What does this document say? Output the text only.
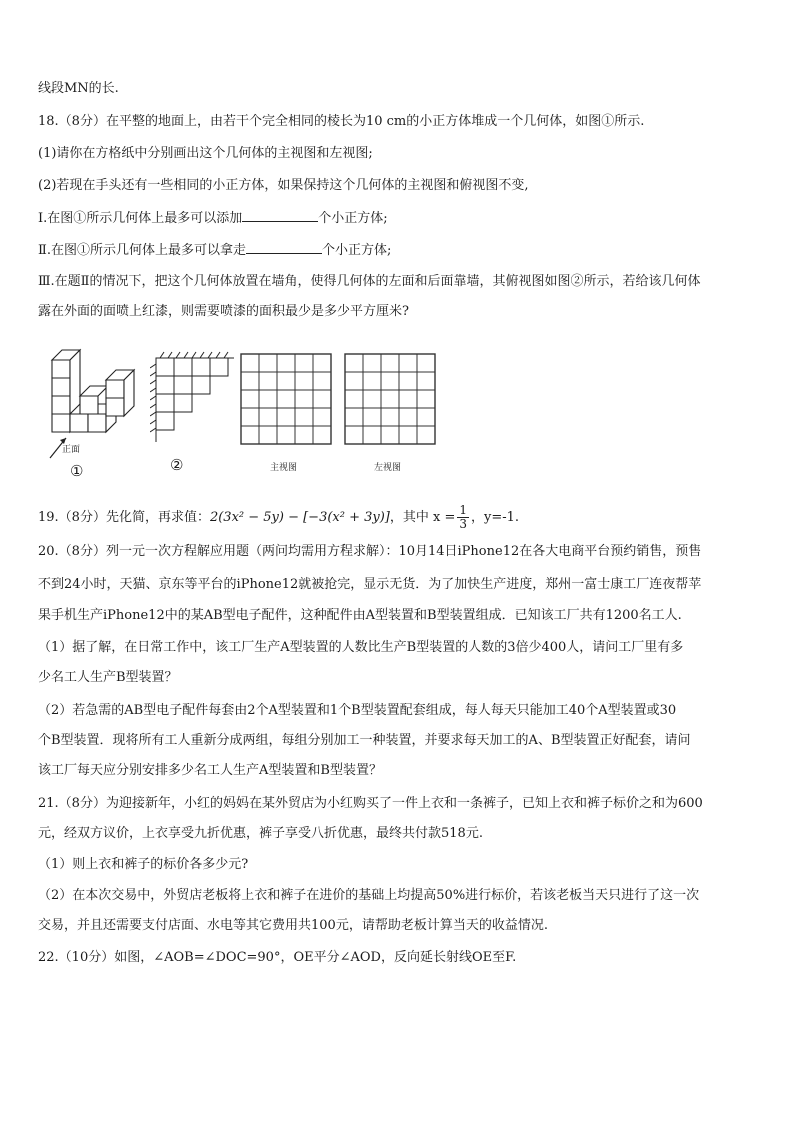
线段MN的长.
18.（8分）在平整的地面上，由若干个完全相同的棱长为10 cm的小正方体堆成一个几何体，如图①所示.
(1)请你在方格纸中分别画出这个几何体的主视图和左视图;
(2)若现在手头还有一些相同的小正方体，如果保持这个几何体的主视图和俯视图不变,
Ⅰ.在图①所示几何体上最多可以添加	个小正方体;
Ⅱ.在图①所示几何体上最多可以拿走	个小正方体;
Ⅲ.在题Ⅱ的情况下，把这个几何体放置在墙角，使得几何体的左面和后面靠墙，其俯视图如图②所示，若给该几何体
露在外面的面喷上红漆，则需要喷漆的面积最少是多少平方厘米?
正面
①	②	主视图	左视图
19.（8分）先化简，再求值：2(3x² − 5y) − [−3(x² + 3y)]，其中 $x = \frac{1}{3}$ ，y=-1.
20.（8分）列一元一次方程解应用题（两问均需用方程求解）：10月14日iPhone12在各大电商平台预约销售，预售
不到24小时，天猫、京东等平台的iPhone12就被抢完，显示无货．为了加快生产进度，郑州一富士康工厂连夜帮苹
果手机生产iPhone12中的某AB型电子配件，这种配件由A型装置和B型装置组成．已知该工厂共有1200名工人.
（1）据了解，在日常工作中，该工厂生产A型装置的人数比生产B型装置的人数的3倍少400人，请问工厂里有多
少名工人生产B型装置？
（2）若急需的AB型电子配件每套由2个A型装置和1个B型装置配套组成，每人每天只能加工40个A型装置或30
个B型装置．现将所有工人重新分成两组，每组分别加工一种装置，并要求每天加工的A、B型装置正好配套，请问
该工厂每天应分别安排多少名工人生产A型装置和B型装置？
21.（8分）为迎接新年，小红的妈妈在某外贸店为小红购买了一件上衣和一条裤子，已知上衣和裤子标价之和为600
元，经双方议价，上衣享受九折优惠，裤子享受八折优惠，最终共付款518元.
（1）则上衣和裤子的标价各多少元?
（2）在本次交易中，外贸店老板将上衣和裤子在进价的基础上均提高50%进行标价，若该老板当天只进行了这一次
交易，并且还需要支付店面、水电等其它费用共100元，请帮助老板计算当天的收益情况.
22.（10分）如图，∠AOB=∠DOC=90°，OE平分∠AOD，反向延长射线OE至F.
